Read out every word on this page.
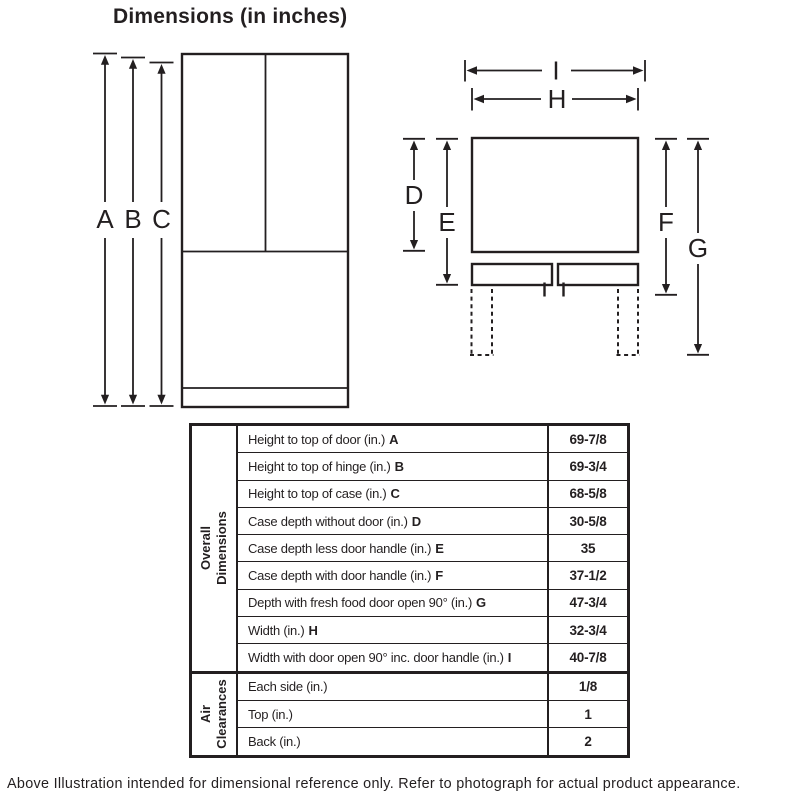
Dimensions (in inches)
A B C
I
H
D
E	F
G
Overall Dimensions
Height to top of door (in.) A	69-7/8
Height to top of hinge (in.) B	69-3/4
Height to top of case (in.) C	68-5/8
Case depth without door (in.) D	30-5/8
Case depth less door handle (in.) E	35
Case depth with door handle (in.) F	37-1/2
Depth with fresh food door open 90° (in.) G	47-3/4
Width (in.) H	32-3/4
Width with door open 90° inc. door handle (in.) I	40-7/8
Air Clearances Each side (in.)	1/8
Top (in.)	1
Back (in.)	2
Above Illustration intended for dimensional reference only. Refer to photograph for actual product appearance.
